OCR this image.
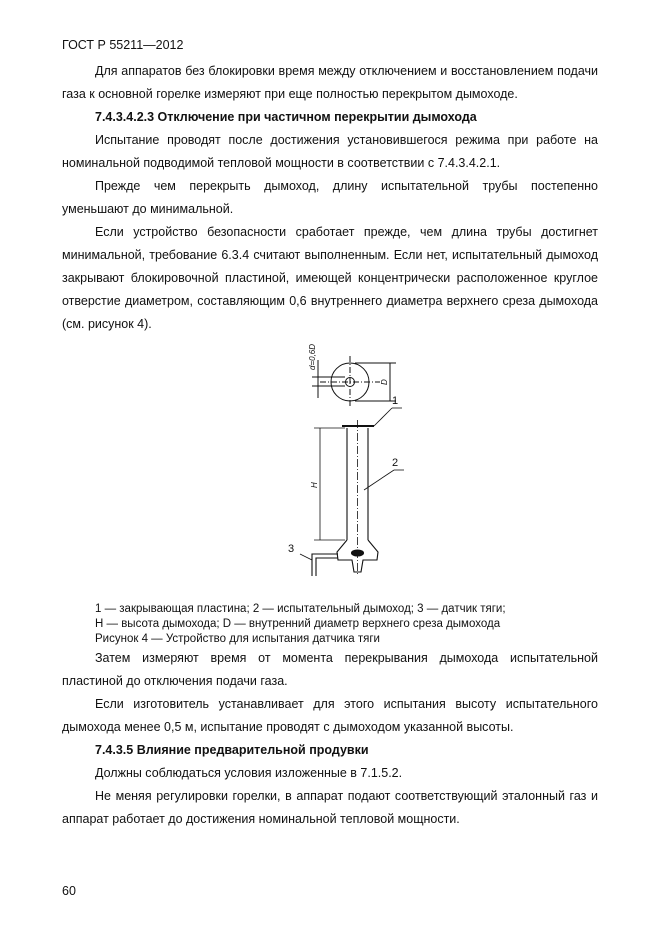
ГОСТ Р 55211—2012

Для аппаратов без блокировки время между отключением и восстановлением подачи газа к основной горелке измеряют при еще полностью перекрытом дымоходе.

7.4.3.4.2.3 Отключение при частичном перекрытии дымохода

Испытание проводят после достижения установившегося режима при работе на номинальной подводимой тепловой мощности в соответствии с 7.4.3.4.2.1.

Прежде чем перекрыть дымоход, длину испытательной трубы постепенно уменьшают до минимальной.

Если устройство безопасности сработает прежде, чем длина трубы достигнет минимальной, требование 6.3.4 считают выполненным. Если нет, испытательный дымоход закрывают блокировочной пластиной, имеющей концентрически расположенное круглое отверстие диаметром, составляющим 0,6 внутреннего диаметра верхнего среза дымохода (см. рисунок 4).

d=0,6D
D
H
1
2
3

1 — закрывающая пластина; 2 — испытательный дымоход; 3 — датчик тяги;
H — высота дымохода; D — внутренний диаметр верхнего среза дымохода

Рисунок 4 — Устройство для испытания датчика тяги

Затем измеряют время от момента перекрывания дымохода испытательной пластиной до отключения подачи газа.

Если изготовитель устанавливает для этого испытания высоту испытательного дымохода менее 0,5 м, испытание проводят с дымоходом указанной высоты.

7.4.3.5 Влияние предварительной продувки

Должны соблюдаться условия изложенные в 7.1.5.2.

Не меняя регулировки горелки, в аппарат подают соответствующий эталонный газ и аппарат работает до достижения номинальной тепловой мощности.

60
